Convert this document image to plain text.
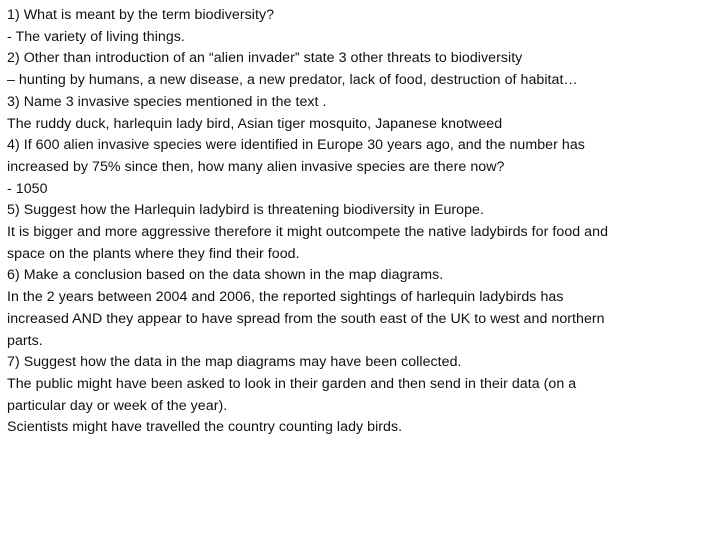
1) What is meant by the term biodiversity?
- The variety of living things.
2) Other than introduction of an “alien invader” state 3 other threats to biodiversity
– hunting by humans, a new disease, a new predator, lack of food, destruction of habitat…
3) Name 3 invasive species mentioned in the text .
The ruddy duck, harlequin lady bird, Asian tiger mosquito, Japanese knotweed
4) If 600 alien invasive species were identified in Europe 30 years ago, and the number has
increased by 75% since then, how many alien invasive species are there now?
- 1050
5) Suggest how the Harlequin ladybird is threatening biodiversity in Europe.
It is bigger and more aggressive therefore it might outcompete the native ladybirds for food and
space on the plants where they find their food.
6) Make a conclusion based on the data shown in the map diagrams.
In the 2 years between 2004 and 2006, the reported sightings of harlequin ladybirds has
increased AND they appear to have spread from the south east of the UK to west and northern
parts.
7) Suggest how the data in the map diagrams may have been collected.
The public might have been asked to look in their garden and then send in their data (on a
particular day or week of the year).
Scientists might have travelled the country counting lady birds.
